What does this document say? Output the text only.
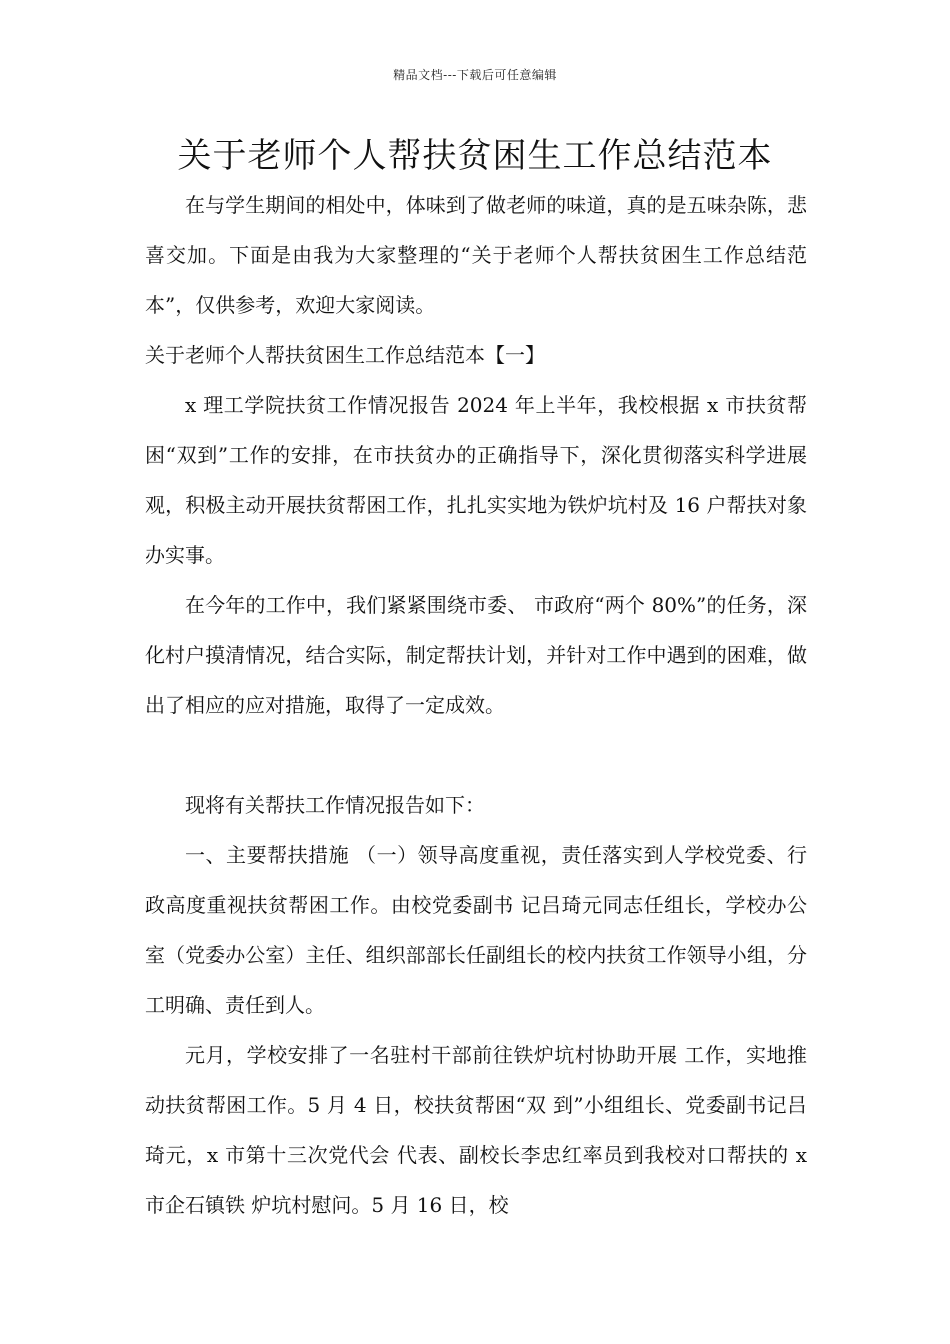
精品文档---下载后可任意编辑
关于老师个人帮扶贫困生工作总结范本

在与学生期间的相处中，体味到了做老师的味道，真的是五味杂陈，悲喜交加。下面是由我为大家整理的“关于老师个人帮扶贫困生工作总结范本”，仅供参考，欢迎大家阅读。

关于老师个人帮扶贫困生工作总结范本【一】

x 理工学院扶贫工作情况报告 2024 年上半年，我校根据 x 市扶贫帮困“双到”工作的安排，在市扶贫办的正确指导下，深化贯彻落实科学进展 观，积极主动开展扶贫帮困工作，扎扎实实地为铁炉坑村及 16 户帮扶对象办实事。

在今年的工作中，我们紧紧围绕市委、 市政府“两个 80%”的任务，深化村户摸清情况，结合实际，制定帮扶计划，并针对工作中遇到的困难，做出了相应的应对措施，取得了一定成效。

现将有关帮扶工作情况报告如下：

一、主要帮扶措施 （一）领导高度重视，责任落实到人学校党委、行政高度重视扶贫帮困工作。由校党委副书 记吕琦元同志任组长，学校办公室（党委办公室）主任、组织部部长任副组长的校内扶贫工作领导小组，分工明确、责任到人。

元月，学校安排了一名驻村干部前往铁炉坑村协助开展 工作，实地推动扶贫帮困工作。5 月 4 日，校扶贫帮困“双 到”小组组长、党委副书记吕琦元，x 市第十三次党代会 代表、副校长李忠红率员到我校对口帮扶的 x 市企石镇铁 炉坑村慰问。5 月 16 日，校
